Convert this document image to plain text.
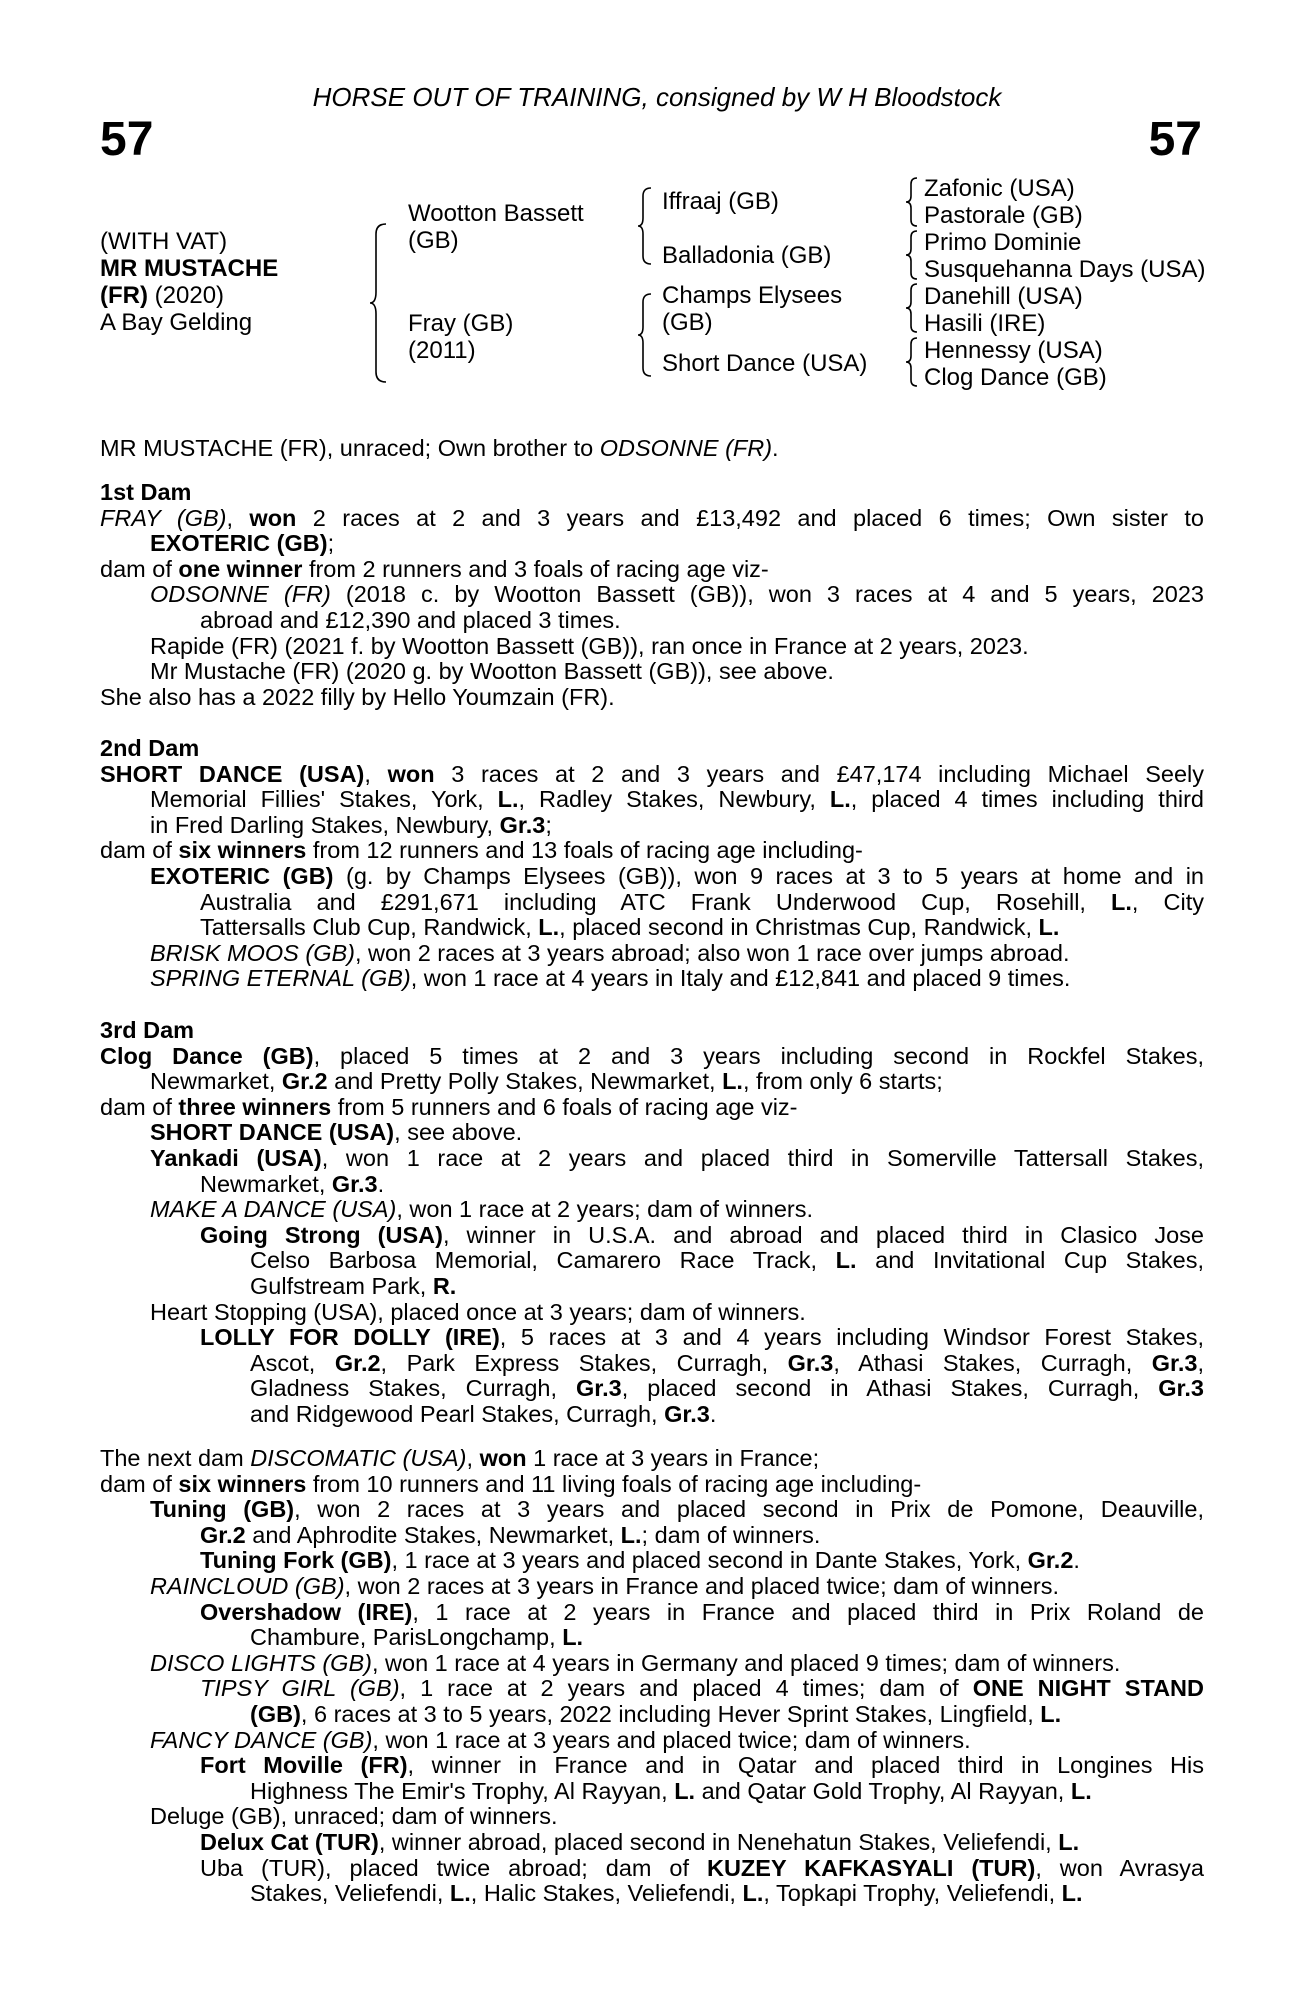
HORSE OUT OF TRAINING, consigned by W H Bloodstock
57	57
(WITH VAT)
MR MUSTACHE
(FR) (2020)
A Bay Gelding
Wootton Bassett
(GB)
Fray (GB)
(2011)
Iffraaj (GB)
Balladonia (GB)
Champs Elysees
(GB)
Short Dance (USA)
Zafonic (USA)
Pastorale (GB)
Primo Dominie
Susquehanna Days (USA)
Danehill (USA)
Hasili (IRE)
Hennessy (USA)
Clog Dance (GB)
MR MUSTACHE (FR), unraced; Own brother to ODSONNE (FR).
1st Dam
FRAY (GB), won 2 races at 2 and 3 years and £13,492 and placed 6 times; Own sister to
EXOTERIC (GB);
dam of one winner from 2 runners and 3 foals of racing age viz-
ODSONNE (FR) (2018 c. by Wootton Bassett (GB)), won 3 races at 4 and 5 years, 2023
abroad and £12,390 and placed 3 times.
Rapide (FR) (2021 f. by Wootton Bassett (GB)), ran once in France at 2 years, 2023.
Mr Mustache (FR) (2020 g. by Wootton Bassett (GB)), see above.
She also has a 2022 filly by Hello Youmzain (FR).
2nd Dam
SHORT DANCE (USA), won 3 races at 2 and 3 years and £47,174 including Michael Seely
Memorial Fillies' Stakes, York, L., Radley Stakes, Newbury, L., placed 4 times including third
in Fred Darling Stakes, Newbury, Gr.3;
dam of six winners from 12 runners and 13 foals of racing age including-
EXOTERIC (GB) (g. by Champs Elysees (GB)), won 9 races at 3 to 5 years at home and in
Australia and £291,671 including ATC Frank Underwood Cup, Rosehill, L., City
Tattersalls Club Cup, Randwick, L., placed second in Christmas Cup, Randwick, L.
BRISK MOOS (GB), won 2 races at 3 years abroad; also won 1 race over jumps abroad.
SPRING ETERNAL (GB), won 1 race at 4 years in Italy and £12,841 and placed 9 times.
3rd Dam
Clog Dance (GB), placed 5 times at 2 and 3 years including second in Rockfel Stakes,
Newmarket, Gr.2 and Pretty Polly Stakes, Newmarket, L., from only 6 starts;
dam of three winners from 5 runners and 6 foals of racing age viz-
SHORT DANCE (USA), see above.
Yankadi (USA), won 1 race at 2 years and placed third in Somerville Tattersall Stakes,
Newmarket, Gr.3.
MAKE A DANCE (USA), won 1 race at 2 years; dam of winners.
Going Strong (USA), winner in U.S.A. and abroad and placed third in Clasico Jose
Celso Barbosa Memorial, Camarero Race Track, L. and Invitational Cup Stakes,
Gulfstream Park, R.
Heart Stopping (USA), placed once at 3 years; dam of winners.
LOLLY FOR DOLLY (IRE), 5 races at 3 and 4 years including Windsor Forest Stakes,
Ascot, Gr.2, Park Express Stakes, Curragh, Gr.3, Athasi Stakes, Curragh, Gr.3,
Gladness Stakes, Curragh, Gr.3, placed second in Athasi Stakes, Curragh, Gr.3
and Ridgewood Pearl Stakes, Curragh, Gr.3.
The next dam DISCOMATIC (USA), won 1 race at 3 years in France;
dam of six winners from 10 runners and 11 living foals of racing age including-
Tuning (GB), won 2 races at 3 years and placed second in Prix de Pomone, Deauville,
Gr.2 and Aphrodite Stakes, Newmarket, L.; dam of winners.
Tuning Fork (GB), 1 race at 3 years and placed second in Dante Stakes, York, Gr.2.
RAINCLOUD (GB), won 2 races at 3 years in France and placed twice; dam of winners.
Overshadow (IRE), 1 race at 2 years in France and placed third in Prix Roland de
Chambure, ParisLongchamp, L.
DISCO LIGHTS (GB), won 1 race at 4 years in Germany and placed 9 times; dam of winners.
TIPSY GIRL (GB), 1 race at 2 years and placed 4 times; dam of ONE NIGHT STAND
(GB), 6 races at 3 to 5 years, 2022 including Hever Sprint Stakes, Lingfield, L.
FANCY DANCE (GB), won 1 race at 3 years and placed twice; dam of winners.
Fort Moville (FR), winner in France and in Qatar and placed third in Longines His
Highness The Emir's Trophy, Al Rayyan, L. and Qatar Gold Trophy, Al Rayyan, L.
Deluge (GB), unraced; dam of winners.
Delux Cat (TUR), winner abroad, placed second in Nenehatun Stakes, Veliefendi, L.
Uba (TUR), placed twice abroad; dam of KUZEY KAFKASYALI (TUR), won Avrasya
Stakes, Veliefendi, L., Halic Stakes, Veliefendi, L., Topkapi Trophy, Veliefendi, L.
